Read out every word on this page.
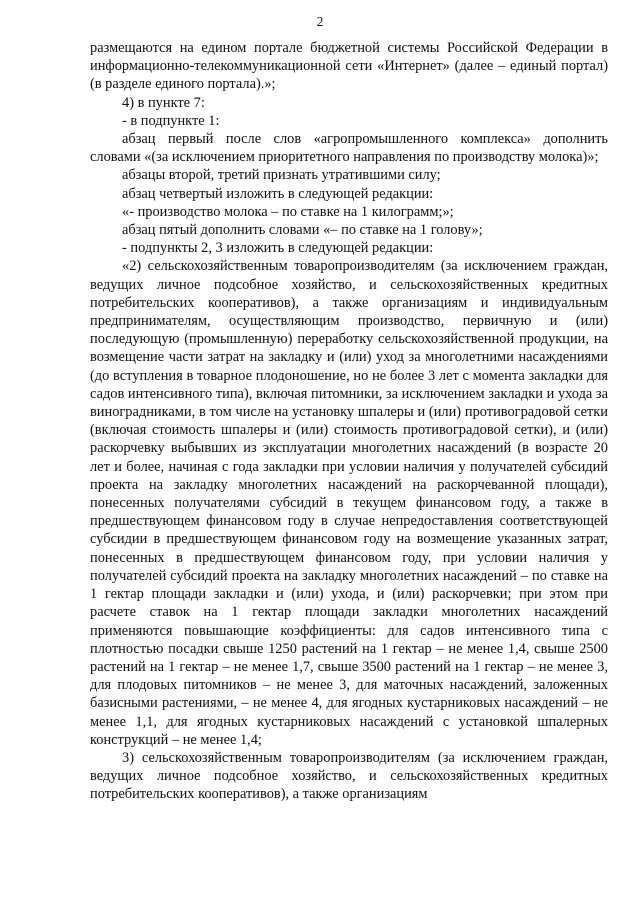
2

размещаются на едином портале бюджетной системы Российской Федерации в информационно-телекоммуникационной сети «Интернет» (далее – единый портал) (в разделе единого портала).»;

4) в пункте 7:

- в подпункте 1:

абзац первый после слов «агропромышленного комплекса» дополнить словами «(за исключением приоритетного направления по производству молока)»;

абзацы второй, третий признать утратившими силу;

абзац четвертый изложить в следующей редакции:

«- производство молока – по ставке на 1 килограмм;»;

абзац пятый дополнить словами «– по ставке на 1 голову»;

- подпункты 2, 3 изложить в следующей редакции:

«2) сельскохозяйственным товаропроизводителям (за исключением граждан, ведущих личное подсобное хозяйство, и сельскохозяйственных кредитных потребительских кооперативов), а также организациям и индивидуальным предпринимателям, осуществляющим производство, первичную и (или) последующую (промышленную) переработку сельскохозяйственной продукции, на возмещение части затрат на закладку и (или) уход за многолетними насаждениями (до вступления в товарное плодоношение, но не более 3 лет с момента закладки для садов интенсивного типа), включая питомники, за исключением закладки и ухода за виноградниками, в том числе на установку шпалеры и (или) противоградовой сетки (включая стоимость шпалеры и (или) стоимость противоградовой сетки), и (или) раскорчевку выбывших из эксплуатации многолетних насаждений (в возрасте 20 лет и более, начиная с года закладки при условии наличия у получателей субсидий проекта на закладку многолетних насаждений на раскорчеванной площади), понесенных получателями субсидий в текущем финансовом году, а также в предшествующем финансовом году в случае непредоставления соответствующей субсидии в предшествующем финансовом году на возмещение указанных затрат, понесенных в предшествующем финансовом году, при условии наличия у получателей субсидий проекта на закладку многолетних насаждений – по ставке на 1 гектар площади закладки и (или) ухода, и (или) раскорчевки; при этом при расчете ставок на 1 гектар площади закладки многолетних насаждений применяются повышающие коэффициенты: для садов интенсивного типа с плотностью посадки свыше 1250 растений на 1 гектар – не менее 1,4, свыше 2500 растений на 1 гектар – не менее 1,7, свыше 3500 растений на 1 гектар – не менее 3, для плодовых питомников – не менее 3, для маточных насаждений, заложенных базисными растениями, – не менее 4, для ягодных кустарниковых насаждений – не менее 1,1, для ягодных кустарниковых насаждений с установкой шпалерных конструкций – не менее 1,4;

3) сельскохозяйственным товаропроизводителям (за исключением граждан, ведущих личное подсобное хозяйство, и сельскохозяйственных кредитных потребительских кооперативов), а также организациям
